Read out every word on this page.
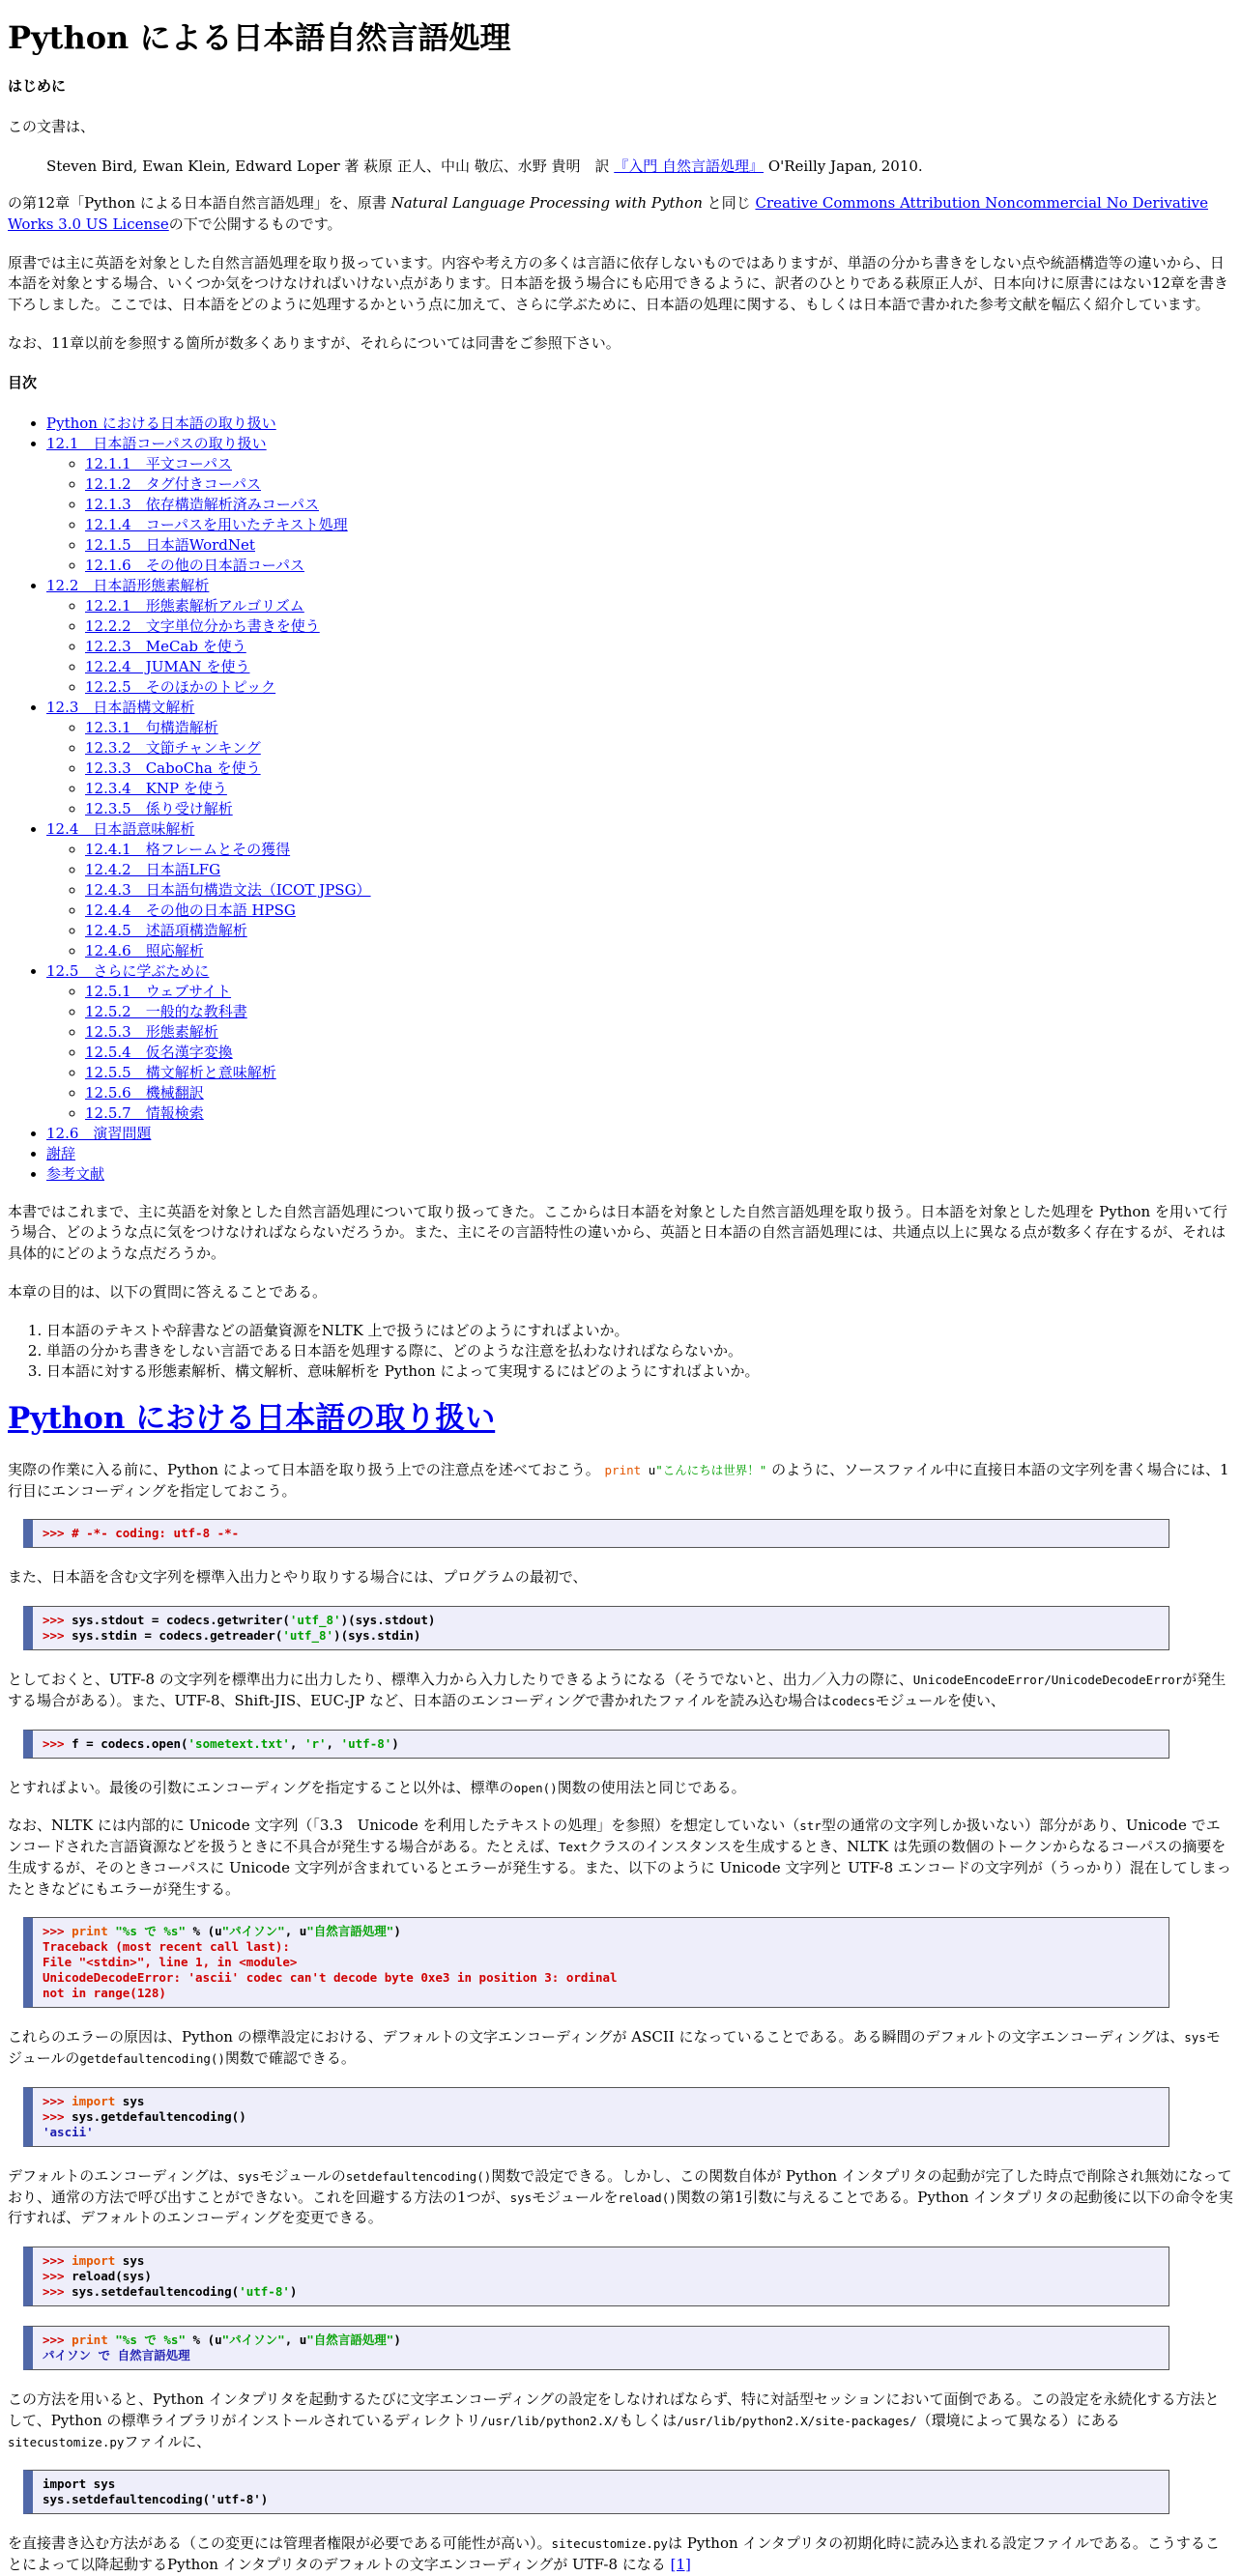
Python による日本語自然言語処理
はじめに

この文書は、

Steven Bird, Ewan Klein, Edward Loper 著 萩原 正人、中山 敬広、水野 貴明　訳 『入門 自然言語処理』 O'Reilly Japan, 2010.

の第12章「Python による日本語自然言語処理」を、原書 Natural Language Processing with Python と同じ Creative Commons Attribution Noncommercial No Derivative Works 3.0 US Licenseの下で公開するものです。

原書では主に英語を対象とした自然言語処理を取り扱っています。内容や考え方の多くは言語に依存しないものではありますが、単語の分かち書きをしない点や統語構造等の違いから、日本語を対象とする場合、いくつか気をつけなければいけない点があります。日本語を扱う場合にも応用できるように、訳者のひとりである萩原正人が、日本向けに原書にはない12章を書き下ろしました。ここでは、日本語をどのように処理するかという点に加えて、さらに学ぶために、日本語の処理に関する、もしくは日本語で書かれた参考文献を幅広く紹介しています。

なお、11章以前を参照する箇所が数多くありますが、それらについては同書をご参照下さい。

目次
• Python における日本語の取り扱い
• 12.1　日本語コーパスの取り扱い
◦ 12.1.1　平文コーパス
◦ 12.1.2　タグ付きコーパス
◦ 12.1.3　依存構造解析済みコーパス
◦ 12.1.4　コーパスを用いたテキスト処理
◦ 12.1.5　日本語WordNet
◦ 12.1.6　その他の日本語コーパス
• 12.2　日本語形態素解析
◦ 12.2.1　形態素解析アルゴリズム
◦ 12.2.2　文字単位分かち書きを使う
◦ 12.2.3　MeCab を使う
◦ 12.2.4　JUMAN を使う
◦ 12.2.5　そのほかのトピック
• 12.3　日本語構文解析
◦ 12.3.1　句構造解析
◦ 12.3.2　文節チャンキング
◦ 12.3.3　CaboCha を使う
◦ 12.3.4　KNP を使う
◦ 12.3.5　係り受け解析
• 12.4　日本語意味解析
◦ 12.4.1　格フレームとその獲得
◦ 12.4.2　日本語LFG
◦ 12.4.3　日本語句構造文法（ICOT JPSG）
◦ 12.4.4　その他の日本語 HPSG
◦ 12.4.5　述語項構造解析
◦ 12.4.6　照応解析
• 12.5　さらに学ぶために
◦ 12.5.1　ウェブサイト
◦ 12.5.2　一般的な教科書
◦ 12.5.3　形態素解析
◦ 12.5.4　仮名漢字変換
◦ 12.5.5　構文解析と意味解析
◦ 12.5.6　機械翻訳
◦ 12.5.7　情報検索
• 12.6　演習問題
• 謝辞
• 参考文献

本書ではこれまで、主に英語を対象とした自然言語処理について取り扱ってきた。ここからは日本語を対象とした自然言語処理を取り扱う。日本語を対象とした処理を Python を用いて行う場合、どのような点に気をつけなければならないだろうか。また、主にその言語特性の違いから、英語と日本語の自然言語処理には、共通点以上に異なる点が数多く存在するが、それは具体的にどのような点だろうか。

本章の目的は、以下の質問に答えることである。

1. 日本語のテキストや辞書などの語彙資源をNLTK 上で扱うにはどのようにすればよいか。
2. 単語の分かち書きをしない言語である日本語を処理する際に、どのような注意を払わなければならないか。
3. 日本語に対する形態素解析、構文解析、意味解析を Python によって実現するにはどのようにすればよいか。
Python における日本語の取り扱い

実際の作業に入る前に、Python によって日本語を取り扱う上での注意点を述べておこう。 print u"こんにちは世界！" のように、ソースファイル中に直接日本語の文字列を書く場合には、1行目にエンコーディングを指定しておこう。

>>> # -*- coding: utf-8 -*-

また、日本語を含む文字列を標準入出力とやり取りする場合には、プログラムの最初で、

>>> sys.stdout = codecs.getwriter('utf_8')(sys.stdout)
>>> sys.stdin = codecs.getreader('utf_8')(sys.stdin)

としておくと、UTF-8 の文字列を標準出力に出力したり、標準入力から入力したりできるようになる（そうでないと、出力／入力の際に、UnicodeEncodeError/UnicodeDecodeErrorが発生する場合がある）。また、UTF-8、Shift-JIS、EUC-JP など、日本語のエンコーディングで書かれたファイルを読み込む場合はcodecsモジュールを使い、

>>> f = codecs.open('sometext.txt', 'r', 'utf-8')

とすればよい。最後の引数にエンコーディングを指定すること以外は、標準のopen()関数の使用法と同じである。

なお、NLTK には内部的に Unicode 文字列（「3.3　Unicode を利用したテキストの処理」を参照）を想定していない（str型の通常の文字列しか扱いない）部分があり、Unicode でエンコードされた言語資源などを扱うときに不具合が発生する場合がある。たとえば、Textクラスのインスタンスを生成するとき、NLTK は先頭の数個のトークンからなるコーパスの摘要を生成するが、そのときコーパスに Unicode 文字列が含まれているとエラーが発生する。また、以下のように Unicode 文字列と UTF-8 エンコードの文字列が（うっかり）混在してしまったときなどにもエラーが発生する。

>>> print "%s で %s" % (u"パイソン", u"自然言語処理")
Traceback (most recent call last):
File "<stdin>", line 1, in <module>
UnicodeDecodeError: 'ascii' codec can't decode byte 0xe3 in position 3: ordinal
not in range(128)

これらのエラーの原因は、Python の標準設定における、デフォルトの文字エンコーディングが ASCII になっていることである。ある瞬間のデフォルトの文字エンコーディングは、sysモジュールのgetdefaultencoding()関数で確認できる。

>>> import sys
>>> sys.getdefaultencoding()
'ascii'

デフォルトのエンコーディングは、sysモジュールのsetdefaultencoding()関数で設定できる。しかし、この関数自体が Python インタプリタの起動が完了した時点で削除され無効になっており、通常の方法で呼び出すことができない。これを回避する方法の1つが、sysモジュールをreload()関数の第1引数に与えることである。Python インタプリタの起動後に以下の命令を実行すれば、デフォルトのエンコーディングを変更できる。

>>> import sys
>>> reload(sys)
>>> sys.setdefaultencoding('utf-8')
>>> print "%s で %s" % (u"パイソン", u"自然言語処理")
パイソン で 自然言語処理

この方法を用いると、Python インタプリタを起動するたびに文字エンコーディングの設定をしなければならず、特に対話型セッションにおいて面倒である。この設定を永続化する方法として、Python の標準ライブラリがインストールされているディレクトリ/usr/lib/python2.X/もしくは/usr/lib/python2.X/site-packages/（環境によって異なる）にあるsitecustomize.pyファイルに、

import sys
sys.setdefaultencoding('utf-8')

を直接書き込む方法がある（この変更には管理者権限が必要である可能性が高い）。sitecustomize.pyは Python インタプリタの初期化時に読み込まれる設定ファイルである。こうすることによって以降起動するPython インタプリタのデフォルトの文字エンコーディングが UTF-8 になる [1]
